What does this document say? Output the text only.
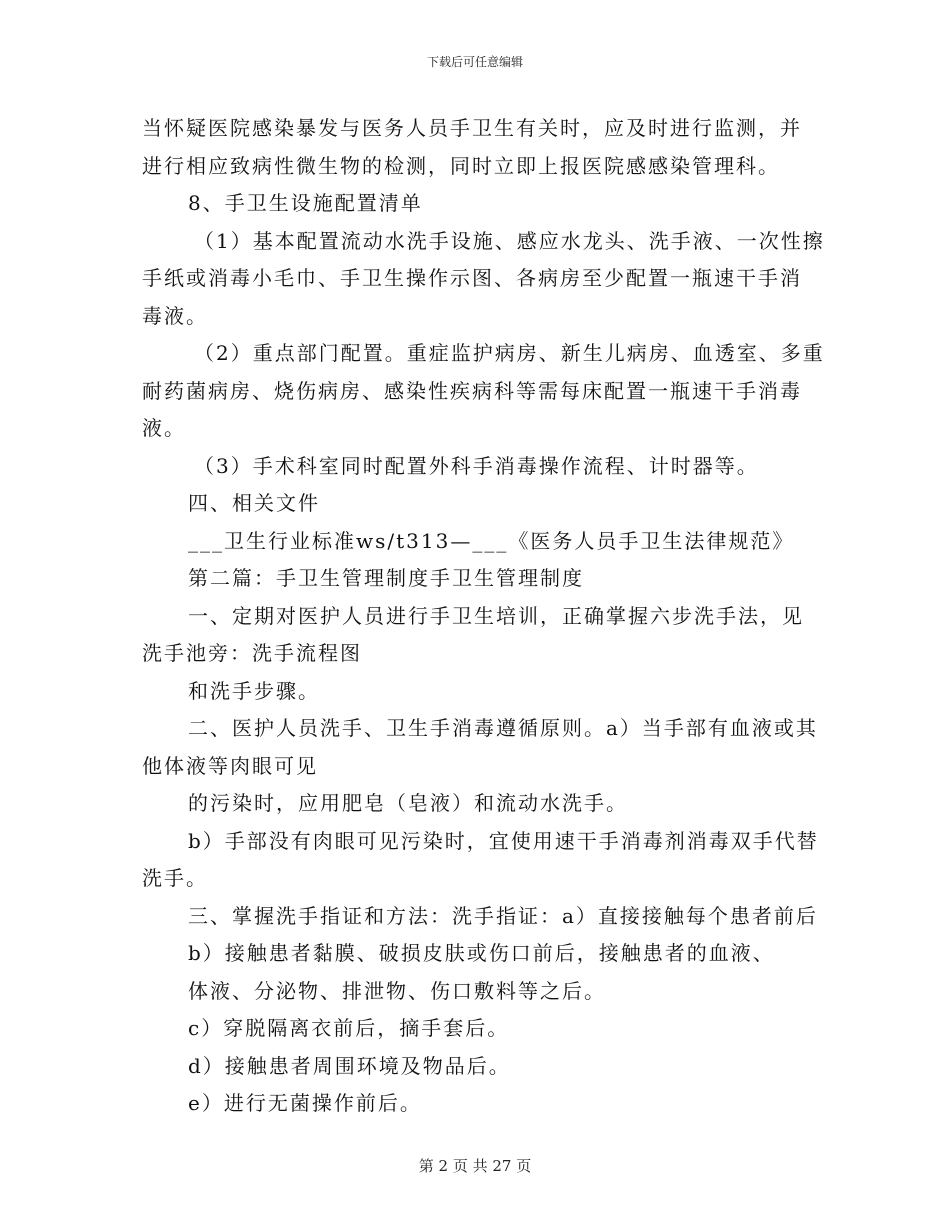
下载后可任意编辑
当怀疑医院感染暴发与医务人员手卫生有关时，应及时进行监测，并
进行相应致病性微生物的检测，同时立即上报医院感感染管理科。
8、手卫生设施配置清单
（1）基本配置流动水洗手设施、感应水龙头、洗手液、一次性擦
手纸或消毒小毛巾、手卫生操作示图、各病房至少配置一瓶速干手消
毒液。
（2）重点部门配置。重症监护病房、新生儿病房、血透室、多重
耐药菌病房、烧伤病房、感染性疾病科等需每床配置一瓶速干手消毒
液。
（3）手术科室同时配置外科手消毒操作流程、计时器等。
四、相关文件
___卫生行业标准ws/t313—___《医务人员手卫生法律规范》
第二篇：手卫生管理制度手卫生管理制度
一、定期对医护人员进行手卫生培训，正确掌握六步洗手法，见
洗手池旁：洗手流程图
和洗手步骤。
二、医护人员洗手、卫生手消毒遵循原则。a）当手部有血液或其
他体液等肉眼可见
的污染时，应用肥皂（皂液）和流动水洗手。
b）手部没有肉眼可见污染时，宜使用速干手消毒剂消毒双手代替
洗手。
三、掌握洗手指证和方法：洗手指证：a）直接接触每个患者前后
b）接触患者黏膜、破损皮肤或伤口前后，接触患者的血液、
体液、分泌物、排泄物、伤口敷料等之后。
c）穿脱隔离衣前后，摘手套后。
d）接触患者周围环境及物品后。
e）进行无菌操作前后。
第 2 页 共 27 页
